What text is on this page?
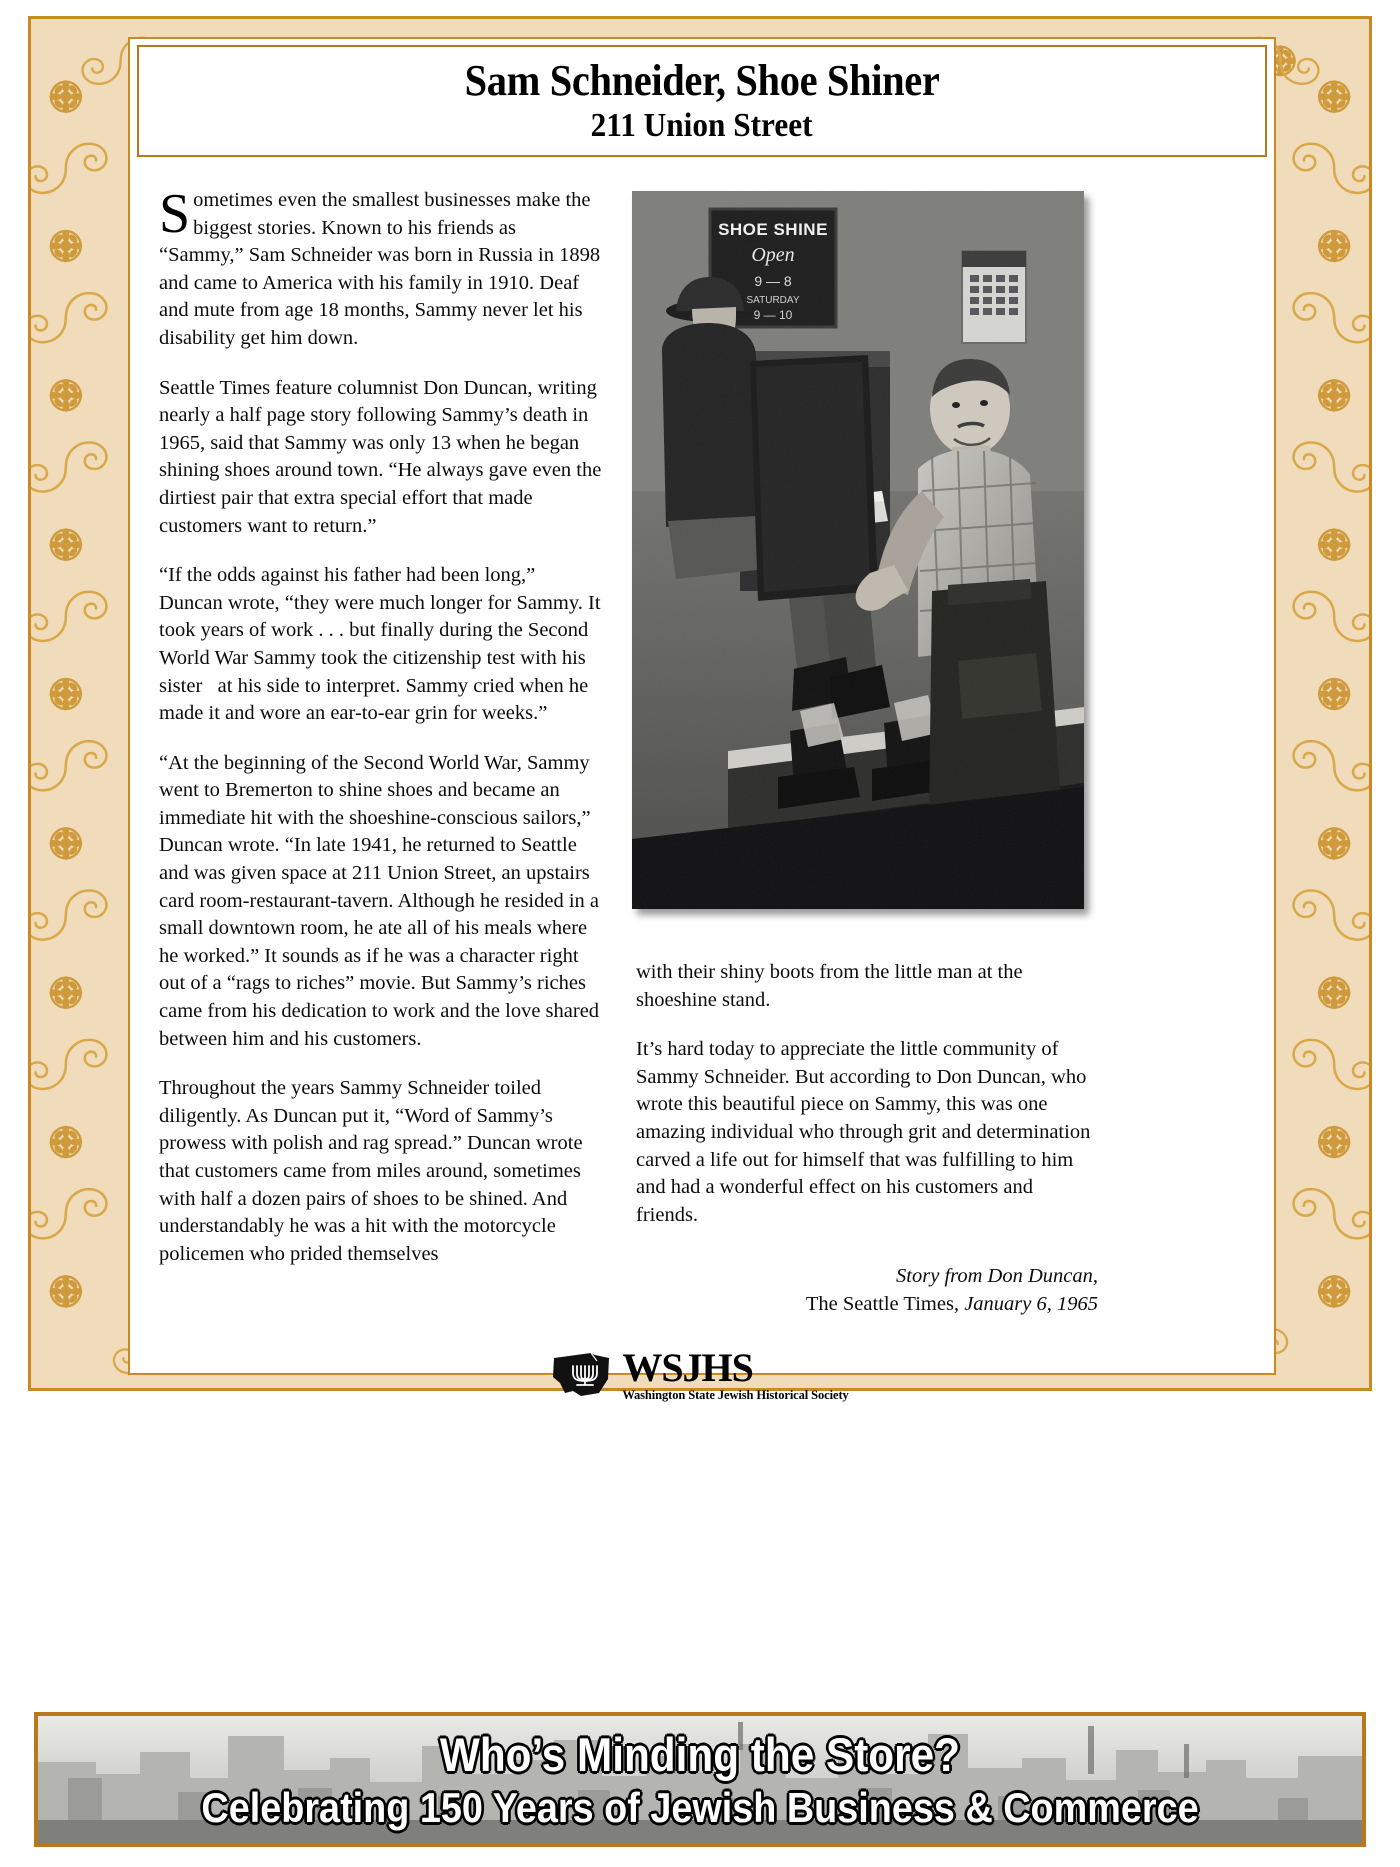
Sam Schneider, Shoe Shiner
211 Union Street

Sometimes even the smallest businesses make the biggest stories. Known to his friends as “Sammy,” Sam Schneider was born in Russia in 1898 and came to America with his family in 1910. Deaf and mute from age 18 months, Sammy never let his disability get him down.

Seattle Times feature columnist Don Duncan, writing nearly a half page story following Sammy’s death in 1965, said that Sammy was only 13 when he began shining shoes around town. “He always gave even the dirtiest pair that extra special effort that made customers want to return.”

“If the odds against his father had been long,” Duncan wrote, “they were much longer for Sammy. It took years of work . . . but finally during the Second World War Sammy took the citizenship test with his sister   at his side to interpret. Sammy cried when he made it and wore an ear-to-ear grin for weeks.”

“At the beginning of the Second World War, Sammy went to Bremerton to shine shoes and became an immediate hit with the shoeshine-conscious sailors,” Duncan wrote. “In late 1941, he returned to Seattle and was given space at 211 Union Street, an upstairs card room-restaurant-tavern. Although he resided in a small downtown room, he ate all of his meals where he worked.” It sounds as if he was a character right out of a “rags to riches” movie. But Sammy’s riches came from his dedication to work and the love shared between him and his customers.

Throughout the years Sammy Schneider toiled diligently. As Duncan put it, “Word of Sammy’s prowess with polish and rag spread.” Duncan wrote that customers came from miles around, sometimes with half a dozen pairs of shoes to be shined. And understandably he was a hit with the motorcycle policemen who prided themselves

with their shiny boots from the little man at the shoeshine stand.

It’s hard today to appreciate the little community of Sammy Schneider. But according to Don Duncan, who wrote this beautiful piece on Sammy, this was one amazing individual who through grit and determination carved a life out for himself that was fulfilling to him and had a wonderful effect on his customers and friends.

Story from Don Duncan,
The Seattle Times, January 6, 1965
SHOE SHINE
Open
9 — 8
SATURDAY
9 — 10
WSJHS
Washington State Jewish Historical Society
Who’s Minding the Store?
Celebrating 150 Years of Jewish Business & Commerce
